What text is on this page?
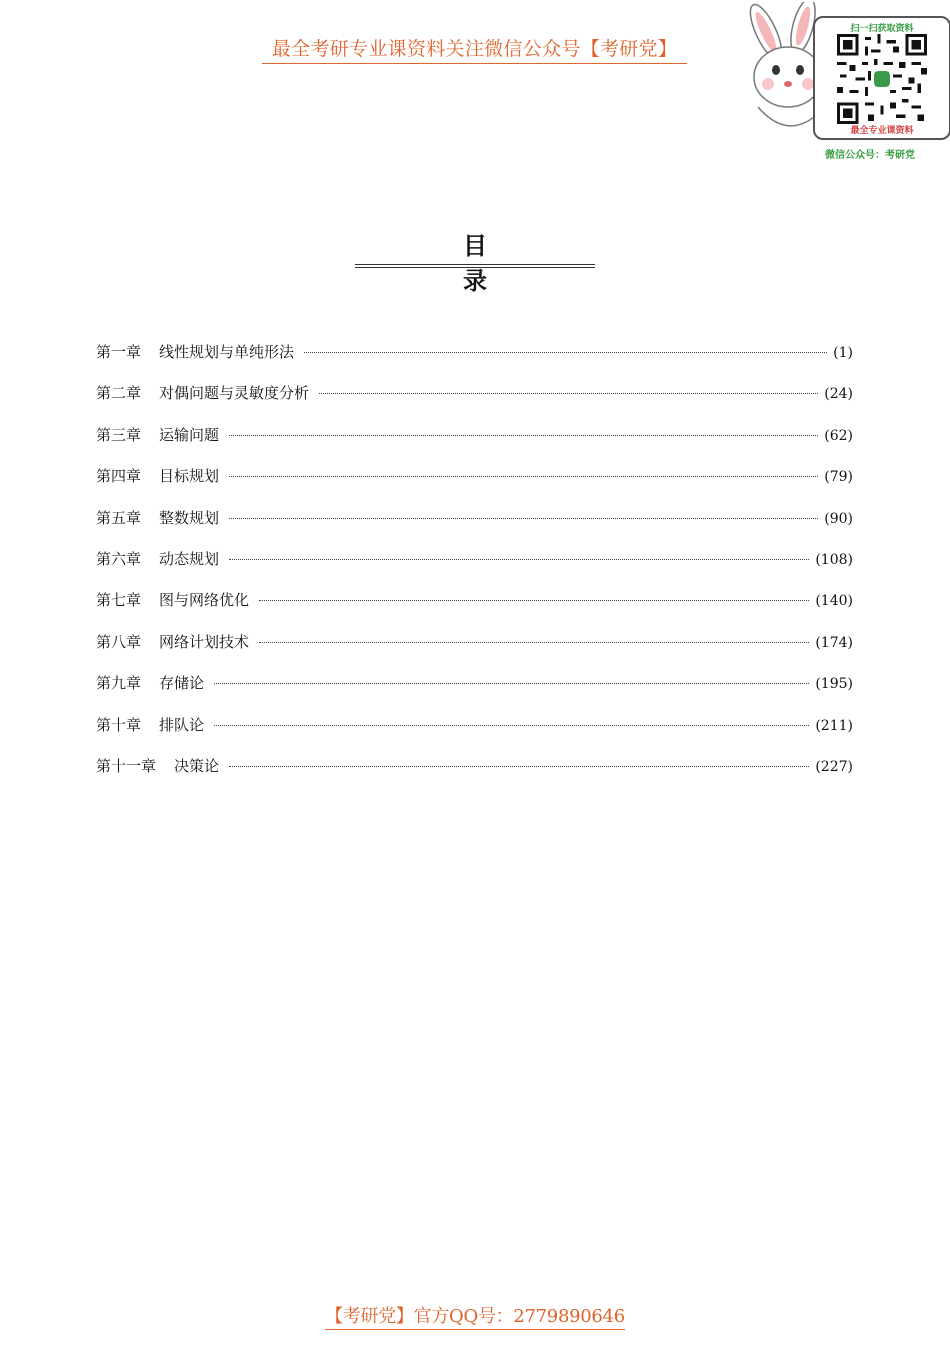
最全考研专业课资料关注微信公众号【考研党】
扫一扫获取资料
最全专业课资料
微信公众号：考研党
目录
第一章 线性规划与单纯形法	(1)
第二章 对偶问题与灵敏度分析	(24)
第三章 运输问题	(62)
第四章 目标规划	(79)
第五章 整数规划	(90)
第六章 动态规划	(108)
第七章 图与网络优化	(140)
第八章 网络计划技术	(174)
第九章 存储论	(195)
第十章 排队论	(211)
第十一章 决策论	(227)
【考研党】官方QQ号：2779890646
